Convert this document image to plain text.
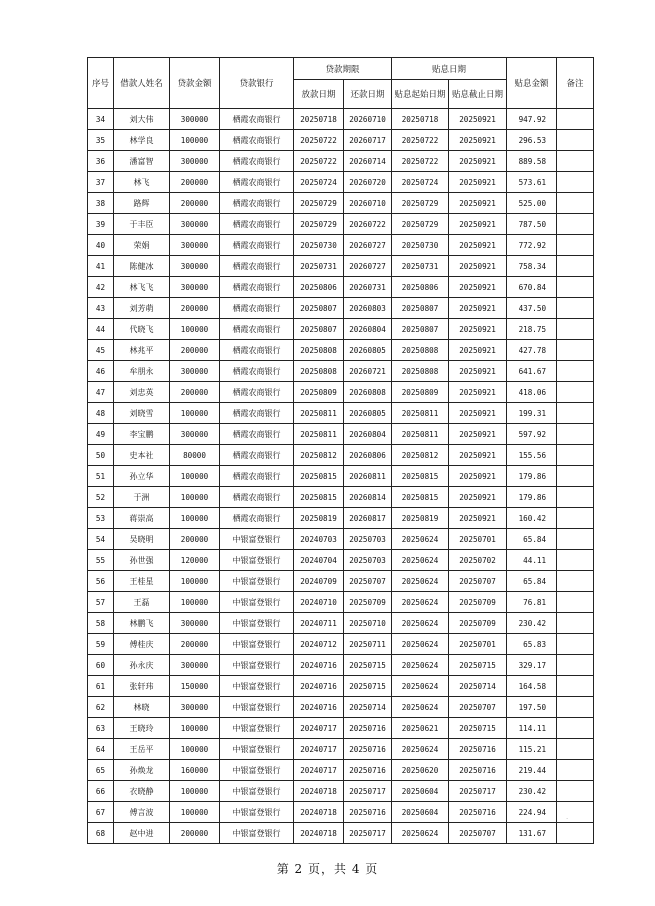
序号	借款人姓名	贷款金额	贷款银行	贷款期限		贴息日期		贴息金额	备注
				放款日期	还款日期	贴息起始日期	贴息截止日期		
34	刘大伟	300000	栖霞农商银行	20250718	20260710	20250718	20250921	947.92	
35	林学良	100000	栖霞农商银行	20250722	20260717	20250722	20250921	296.53	
36	潘富智	300000	栖霞农商银行	20250722	20260714	20250722	20250921	889.58	
37	林飞	200000	栖霞农商银行	20250724	20260720	20250724	20250921	573.61	
38	路辉	200000	栖霞农商银行	20250729	20260710	20250729	20250921	525.00	
39	于丰臣	300000	栖霞农商银行	20250729	20260722	20250729	20250921	787.50	
40	荣娟	300000	栖霞农商银行	20250730	20260727	20250730	20250921	772.92	
41	陈健冰	300000	栖霞农商银行	20250731	20260727	20250731	20250921	758.34	
42	林飞飞	300000	栖霞农商银行	20250806	20260731	20250806	20250921	670.84	
43	刘芳萌	200000	栖霞农商银行	20250807	20260803	20250807	20250921	437.50	
44	代晓飞	100000	栖霞农商银行	20250807	20260804	20250807	20250921	218.75	
45	林兆平	200000	栖霞农商银行	20250808	20260805	20250808	20250921	427.78	
46	牟朋永	300000	栖霞农商银行	20250808	20260721	20250808	20250921	641.67	
47	刘忠英	200000	栖霞农商银行	20250809	20260808	20250809	20250921	418.06	
48	刘晓雪	100000	栖霞农商银行	20250811	20260805	20250811	20250921	199.31	
49	李宝鹏	300000	栖霞农商银行	20250811	20260804	20250811	20250921	597.92	
50	史本社	80000	栖霞农商银行	20250812	20260806	20250812	20250921	155.56	
51	孙立华	100000	栖霞农商银行	20250815	20260811	20250815	20250921	179.86	
52	于洲	100000	栖霞农商银行	20250815	20260814	20250815	20250921	179.86	
53	蒋崇高	100000	栖霞农商银行	20250819	20260817	20250819	20250921	160.42	
54	吴晓明	200000	中银富登银行	20240703	20250703	20250624	20250701	65.84	
55	孙世强	120000	中银富登银行	20240704	20250703	20250624	20250702	44.11	
56	王桂星	100000	中银富登银行	20240709	20250707	20250624	20250707	65.84	
57	王磊	100000	中银富登银行	20240710	20250709	20250624	20250709	76.81	
58	林鹏飞	300000	中银富登银行	20240711	20250710	20250624	20250709	230.42	
59	傅桂庆	200000	中银富登银行	20240712	20250711	20250624	20250701	65.83	
60	孙永庆	300000	中银富登银行	20240716	20250715	20250624	20250715	329.17	
61	张轩玮	150000	中银富登银行	20240716	20250715	20250624	20250714	164.58	
62	林晓	300000	中银富登银行	20240716	20250714	20250624	20250707	197.50	
63	王晓玲	100000	中银富登银行	20240717	20250716	20250621	20250715	114.11	
64	王岳平	100000	中银富登银行	20240717	20250716	20250624	20250716	115.21	
65	孙焕龙	160000	中银富登银行	20240717	20250716	20250620	20250716	219.44	
66	衣晓静	100000	中银富登银行	20240718	20250717	20250604	20250717	230.42	
67	傅言波	100000	中银富登银行	20240718	20250716	20250604	20250716	224.94	
68	赵中进	200000	中银富登银行	20240718	20250717	20250624	20250707	131.67	
·
第 2 页，共 4 页
